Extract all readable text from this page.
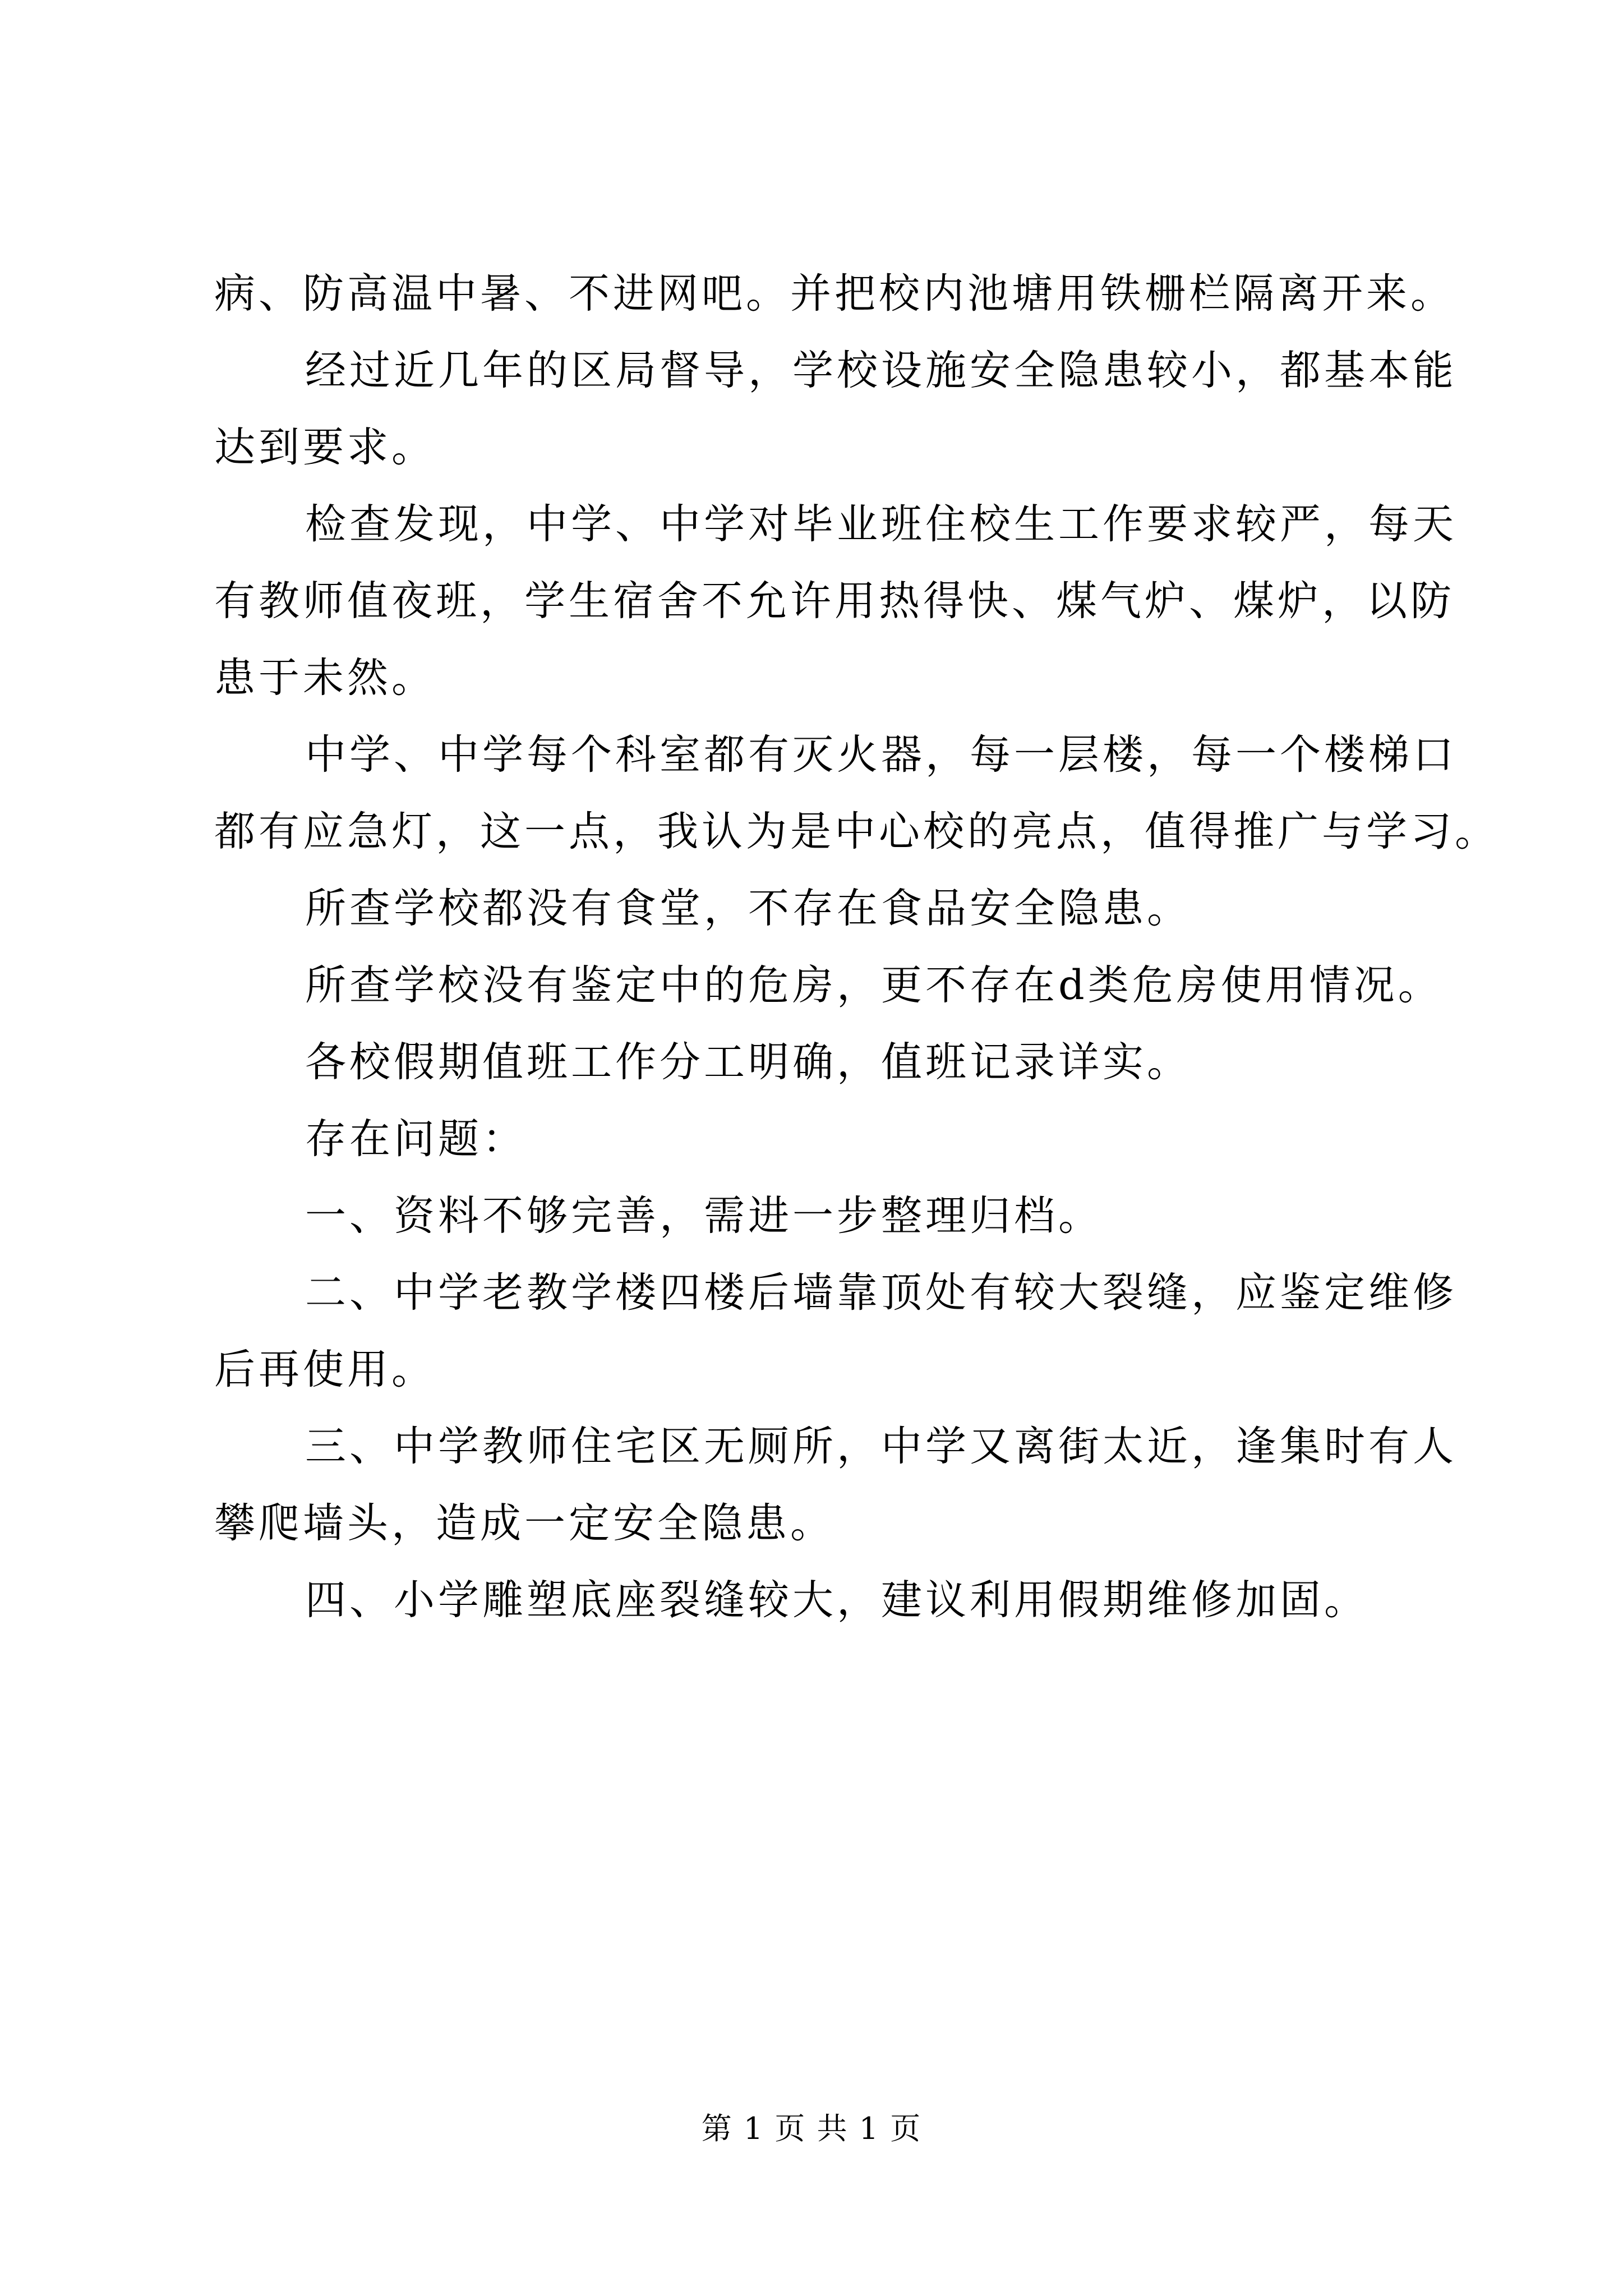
病、防高温中暑、不进网吧。并把校内池塘用铁栅栏隔离开来。

经过近几年的区局督导，学校设施安全隐患较小，都基本能
达到要求。

检查发现，中学、中学对毕业班住校生工作要求较严，每天
有教师值夜班，学生宿舍不允许用热得快、煤气炉、煤炉，以防
患于未然。

中学、中学每个科室都有灭火器，每一层楼，每一个楼梯口
都有应急灯，这一点，我认为是中心校的亮点，值得推广与学习。

所查学校都没有食堂，不存在食品安全隐患。

所查学校没有鉴定中的危房，更不存在d类危房使用情况。

各校假期值班工作分工明确，值班记录详实。

存在问题：

一、资料不够完善，需进一步整理归档。

二、中学老教学楼四楼后墙靠顶处有较大裂缝，应鉴定维修
后再使用。

三、中学教师住宅区无厕所，中学又离街太近，逢集时有人
攀爬墙头，造成一定安全隐患。

四、小学雕塑底座裂缝较大，建议利用假期维修加固。

第 1 页 共 1 页
